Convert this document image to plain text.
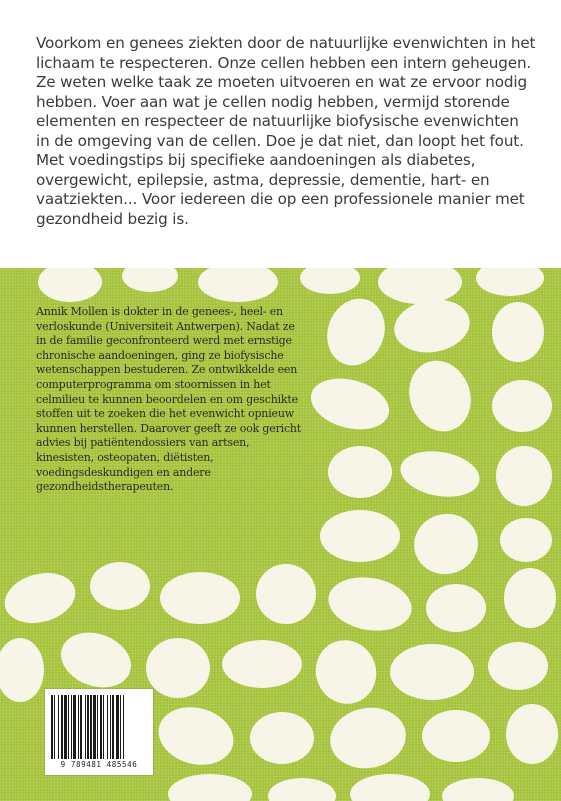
Voorkom en genees ziekten door de natuurlijke evenwichten in het lichaam te respecteren. Onze cellen hebben een intern geheugen. Ze weten welke taak ze moeten uitvoeren en wat ze ervoor nodig hebben. Voer aan wat je cellen nodig hebben, vermijd storende elementen en respecteer de natuurlijke biofysische evenwichten in de omgeving van de cellen. Doe je dat niet, dan loopt het fout. Met voedingstips bij specifieke aandoeningen als diabetes, overgewicht, epilepsie, astma, depressie, dementie, hart- en vaatziekten... Voor iedereen die op een professionele manier met gezondheid bezig is.

Annik Mollen is dokter in de genees-, heel- en verloskunde (Universiteit Antwerpen). Nadat ze in de familie geconfronteerd werd met ernstige chronische aandoeningen, ging ze biofysische wetenschappen bestuderen. Ze ontwikkelde een computerprogramma om stoornissen in het celmilieu te kunnen beoordelen en om geschikte stoffen uit te zoeken die het evenwicht opnieuw kunnen herstellen. Daarover geeft ze ook gericht advies bij patiëntendossiers van artsen, kinesisten, osteopaten, diëtisten, voedingsdeskundigen en andere gezondheidstherapeuten.

9 789481 485546
